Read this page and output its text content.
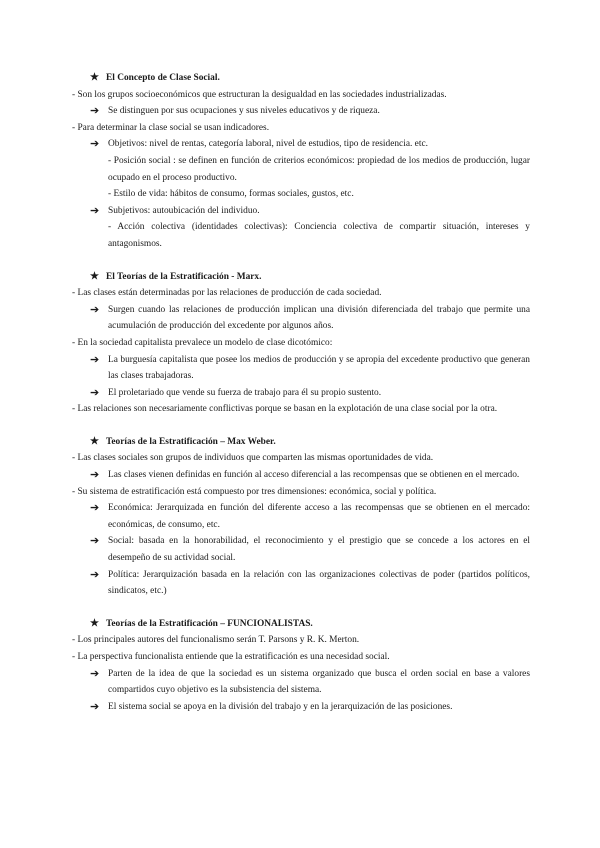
★ El Concepto de Clase Social.
- Son los grupos socioeconómicos que estructuran la desigualdad en las sociedades industrializadas.
➔ Se distinguen por sus ocupaciones y sus niveles educativos y de riqueza.
- Para determinar la clase social se usan indicadores.
➔ Objetivos: nivel de rentas, categoría laboral, nivel de estudios, tipo de residencia. etc.
- Posición social : se definen en función de criterios económicos: propiedad de los medios de producción, lugar ocupado en el proceso productivo.
- Estilo de vida: hábitos de consumo, formas sociales, gustos, etc.
➔ Subjetivos: autoubicación del individuo.
- Acción colectiva (identidades colectivas): Conciencia colectiva de compartir situación, intereses y antagonismos.
★ El Teorías de la Estratificación - Marx.
- Las clases están determinadas por las relaciones de producción de cada sociedad.
➔ Surgen cuando las relaciones de producción implican una división diferenciada del trabajo que permite una acumulación de producción del excedente por algunos años.
- En la sociedad capitalista prevalece un modelo de clase dicotómico:
➔ La burguesía capitalista que posee los medios de producción y se apropia del excedente productivo que generan las clases trabajadoras.
➔ El proletariado que vende su fuerza de trabajo para él su propio sustento.
- Las relaciones son necesariamente conflictivas porque se basan en la explotación de una clase social por la otra.
★ Teorías de la Estratificación – Max Weber.
- Las clases sociales son grupos de individuos que comparten las mismas oportunidades de vida.
➔ Las clases vienen definidas en función al acceso diferencial a las recompensas que se obtienen en el mercado.
- Su sistema de estratificación está compuesto por tres dimensiones: económica, social y política.
➔ Económica: Jerarquizada en función del diferente acceso a las recompensas que se obtienen en el mercado: económicas, de consumo, etc.
➔ Social: basada en la honorabilidad, el reconocimiento y el prestigio que se concede a los actores en el desempeño de su actividad social.
➔ Política: Jerarquización basada en la relación con las organizaciones colectivas de poder (partidos políticos, sindicatos, etc.)
★ Teorías de la Estratificación – FUNCIONALISTAS.
- Los principales autores del funcionalismo serán T. Parsons y R. K. Merton.
- La perspectiva funcionalista entiende que la estratificación es una necesidad social.
➔ Parten de la idea de que la sociedad es un sistema organizado que busca el orden social en base a valores compartidos cuyo objetivo es la subsistencia del sistema.
➔ El sistema social se apoya en la división del trabajo y en la jerarquización de las posiciones.
